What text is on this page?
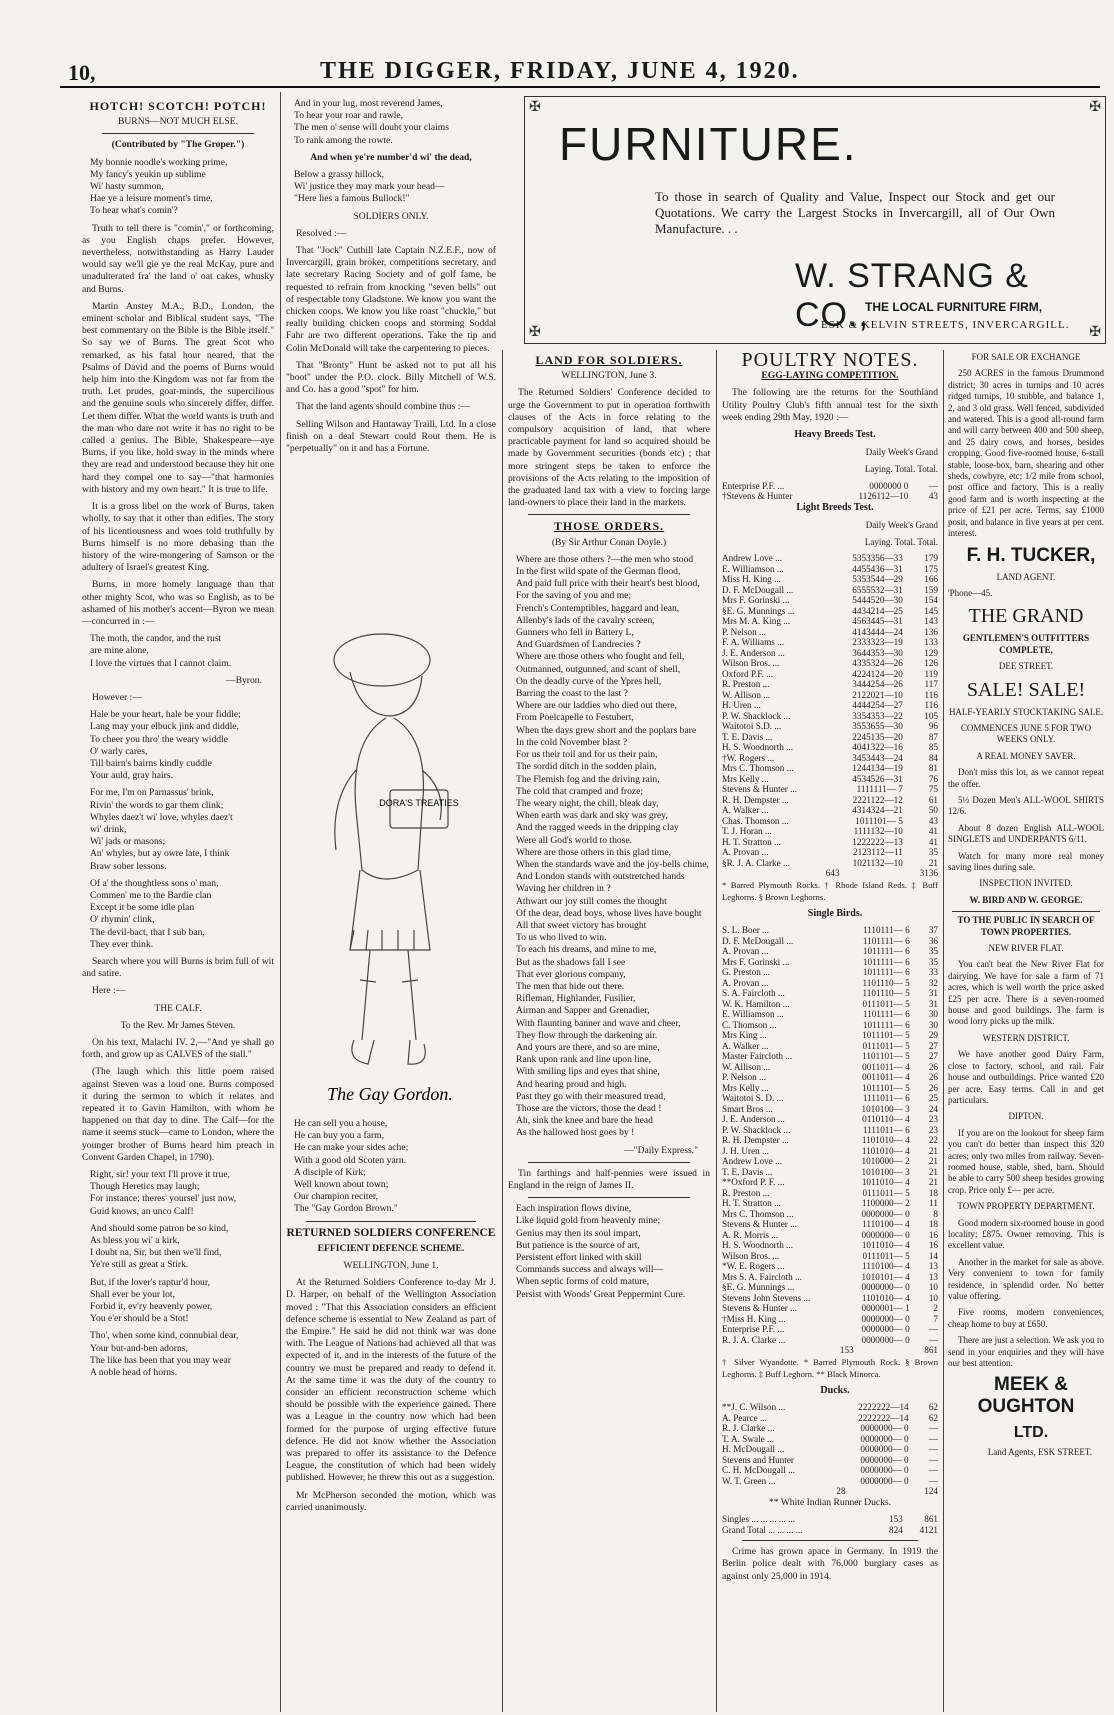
10,	THE DIGGER, FRIDAY, JUNE 4, 1920.
HOTCH! SCOTCH! POTCH!

BURNS—NOT MUCH ELSE.

(Contributed by "The Groper.")

My bonnie noodle's working prime,
My fancy's yeukin up sublime
Wi' hasty summon,
Hae ye a leisure moment's time,
To hear what's comin'?

Truth to tell there is "comin'," or forthcoming, as you English chaps prefer. However, nevertheless, notwithstanding as Harry Lauder would say we'll gie ye the real McKay, pure and unadulterated fra' the land o' oat cakes, whusky and Burns.

Martin Anstey M.A., B.D., London, the eminent scholar and Biblical student says, "The best commentary on the Bible is the Bible itself." So say we of Burns. The great Scot who remarked, as his fatal hour neared, that the Psalms of David and the poems of Burns would help him into the Kingdom was not far from the truth. Let prudes, goat-minds, the supercilious and the genuine souls who sincerely differ, differ. Let them differ. What the world wants is truth and the man who dare not write it has no right to be called a genius. The Bible, Shakespeare—aye Burns, if you like, hold sway in the minds where they are read and understood because they hit one hard they compel one to say—"that harmonies with history and my own heart." It is true to life.

It is a gross libel on the work of Burns, taken wholly, to say that it other than edifies. The story of his licentiousness and woes told truthfully by Burns himself is no more debasing than the history of the wire-mongering of Samson or the adultery of Israel's greatest King.

Burns, in more homely language than that other mighty Scot, who was so English, as to be ashamed of his mother's accent—Byron we mean—concurred in :—

The moth, the candor, and the rust
are mine alone,
I love the virtues that I cannot claim.

—Byron.

However :—

Hale be your heart, hale be your fiddle;
Lang may your elbuck jink and diddle,
To cheer you thro' the weary widdle
O' warly cares,
Till bairn's bairns kindly cuddle
Your auld, gray hairs.

For me, I'm on Parnassus' brink,
Rivin' the words to gar them clink;
Whyles daez't wi' love, whyles daez't
wi' drink,
Wi' jads or masons;
An' whyles, but ay owre late, I think
Braw sober lessons.

Of a' the thoughtless sons o' man,
Commen' me to the Bardie clan
Except it be some idle plan
O' rhymin' clink,
The devil-bact, that I sub ban,
They ever think.

Search where you will Burns is brim full of wit and satire.

Here :—

THE CALF.

To the Rev. Mr James Steven.

On his text, Malachi IV. 2,—"And ye shall go forth, and grow up as CALVES of the stall."

(The laugh which this little poem raised against Steven was a loud one. Burns composed it during the sermon to which it relates and repeated it to Gavin Hamilton, with whom he happened on that day to dine. The Calf—for the name it seems stuck—came to London, where the younger brother of Burns heard him preach in Convent Garden Chapel, in 1790).

Right, sir! your text I'll prove it true,
Though Heretics may laugh;
For instance; theres' yoursel' just now,
Guid knows, an unco Calf!

And should some patron be so kind,
As bless you wi' a kirk,
I doubt na, Sir, but then we'll find,
Ye're still as great a Stirk.

But, if the lover's raptur'd hour,
Shall ever be your lot,
Forbid it, ev'ry heavenly power,
You e'er should be a Stot!

Tho', when some kind, connubial dear,
Your but-and-ben adorns,
The like has been that you may wear
A noble head of horns.

And in your lug, most reverend James,
To hear your roar and rawle,
The men o' sense will doubt your claims
To rank among the rowte.

And when ye're number'd wi' the dead,

Below a grassy hillock,
Wi' justice they may mark your head—
"Here lies a famous Bullock!"

SOLDIERS ONLY.

Resolved :—

That "Jock" Cuthill late Captain N.Z.E.F., now of Invercargill, grain broker, competitions secretary, and late secretary Racing Society and of golf fame, be requested to refrain from knocking "seven bells" out of respectable tony Gladstone. We know you want the chicken coops. We know you like roast "chuckle," but really building chicken coops and storming Soddal Fahr are two different operations. Take the tip and Colin McDonald will take the carpentering to pieces.

That "Bronty" Hunt be asked not to put all his "boot" under the P.O. clock. Billy Mitchell of W.S. and Co. has a good "spot" for him.

That the land agents should combine thus :—

Selling Wilson and Hantaway Traill, Ltd. In a close finish on a deal Stewart could Rout them. He is "perpetually" on it and has a Fortune.

DORA'S TREATIES
The Gay Gordon.

He can sell you a house,
He can buy you a farm,
He can make your sides ache;
With a good old Scoten yarn.
A disciple of Kirk;
Well known about town;
Our champion reciter,
The "Gay Gordon Brown."

RETURNED SOLDIERS CONFERENCE

EFFICIENT DEFENCE SCHEME.

WELLINGTON, June 1.

At the Returned Soldiers Conference to-day Mr J. D. Harper, on behalf of the Wellington Association moved : "That this Association considers an efficient defence scheme is essential to New Zealand as part of the Empire." He said he did not think war was done with. The League of Nations had achieved all that was expected of it, and in the interests of the future of the country we must be prepared and ready to defend it. At the same time it was the duty of the country to consider an efficient reconstruction scheme which should be possible with the experience gained. There was a League in the country now which had been formed for the purpose of urging effective future defence. He did not know whether the Association was prepared to offer its assistance to the Defence League, the constitution of which had been widely published. However, he threw this out as a suggestion.

Mr McPherson seconded the motion, which was carried unanimously.

✠	✠
✠	✠
FURNITURE.
To those in search of Quality and Value, Inspect our Stock and get our Quotations. We carry the Largest Stocks in Invercargill, all of Our Own Manufacture. . .
W. STRANG & CO.,
THE LOCAL FURNITURE FIRM,
ESK & KELVIN STREETS, INVERCARGILL.
LAND FOR SOLDIERS.

WELLINGTON, June 3.

The Returned Soldiers' Conference decided to urge the Government to put in operation forthwith clauses of the Acts in force relating to the compulsory acquisition of land, that where practicable payment for land so acquired should be made by Government securities (bonds etc) ; that more stringent steps be taken to enforce the provisions of the Acts relating to the imposition of the graduated land tax with a view to forcing large land-owners to place their land in the markets.

THOSE ORDERS.

(By Sir Arthur Conan Doyle.)

Where are those others ?—the men who stood
In the first wild spate of the German flood,
And paid full price with their heart's best blood,
For the saving of you and me;
French's Contemptibles, haggard and lean,
Allenby's lads of the cavalry screen,
Gunners who fell in Battery L,
And Guardsmen of Landrecies ?
Where are those others who fought and fell,
Outmanned, outgunned, and scant of shell,
On the deadly curve of the Ypres hell,
Barring the coast to the last ?
Where are our laddies who died out there,
From Poelcapelle to Festubert,
When the days grew short and the poplars bare
In the cold November blast ?
For us their toil and for us their pain,
The sordid ditch in the sodden plain,
The Flemish fog and the driving rain,
The cold that cramped and froze;
The weary night, the chill, bleak day,
When earth was dark and sky was grey,
And the ragged weeds in the dripping clay
Were all God's world to those.
Where are those others in this glad time,
When the standards wave and the joy-bells chime,
And London stands with outstretched hands
Waving her children in ?
Athwart our joy still comes the thought
Of the dear, dead boys, whose lives have bought
All that sweet victory has brought
To us who lived to win.
To each his dreams, and mine to me,
But as the shadows fall I see
That ever glorious company,
The men that hide out there.
Rifleman, Highlander, Fusilier,
Airman and Sapper and Grenadier,
With flaunting banner and wave and cheer,
They flow through the darkening air.
And yours are there, and so are mine,
Rank upon rank and line upon line,
With smiling lips and eyes that shine,
And hearing proud and high.
Past they go with their measured tread,
Those are the victors, those the dead !
Ah, sink the knee and bare the head
As the hallowed host goes by !

—"Daily Express."

Tin farthings and half-pennies were issued in England in the reign of James II.

Each inspiration flows divine,
Like liquid gold from heavenly mine;
Genius may then its soul impart,
But patience is the source of art,
Persistent effort linked with skill
Commands success and always will—
When septic forms of cold mature,
Persist with Woods' Great Peppermint Cure.

POULTRY NOTES.

EGG-LAYING COMPETITION.

The following are the returns for the Southland Utility Poultry Club's fifth annual test for the sixth week ending 29th May, 1920 :—

Heavy Breeds Test.

Daily Week's Grand

Laying. Total. Total.

Enterprise P.F. ...	0000000 0	—
†Stevens & Hunter	1126112—10	43

Light Breeds Test.

Daily Week's Grand

Laying. Total. Total.

Andrew Love ...	5353356—33	179
E. Williamson ...	4455436—31	175
Miss H. King ...	5353544—29	166
D. F. McDougall ...	6555532—31	159
Mrs F. Gorinski ...	5444520—30	154
§E. G. Munnings ...	4434214—25	145
Mrs M. A. King ...	4563445—31	143
P. Nelson ...	4143444—24	136
F. A. Williams ...	2333323—19	133
J. E. Anderson ...	3644353—30	129
Wilson Bros. ...	4335324—26	126
Oxford P.F. ...	4224124—20	119
R. Preston ...	3444254—26	117
W. Allison ...	2122021—10	116
H. Uren ...	4444254—27	116
P. W. Shacklock ...	3354353—22	105
Waitotoi S.D. ...	3553655—30	96
T. E. Davis ...	2245135—20	87
H. S. Woodnorth ...	4041322—16	85
†W. Rogers ...	3453443—24	84
Mrs C. Thomson ...	1244134—19	81
Mrs Kelly ...	4534526—31	76
Stevens & Hunter ...	1111111— 7	75
R. H. Dempster ...	2221122—12	61
A. Walker ...	4314324—21	50
Chas. Thomson ...	1011101— 5	43
T. J. Horan ...	1111132—10	41
H. T. Stratton ...	1222222—13	41
A. Provan ...	2123112—11	35
§R. J. A. Clarke ...	1021132—10	21
	643	3136

* Barred Plymouth Rocks. † Rhode Island Reds. ‡ Buff Leghorns. § Brown Leghorns.

Single Birds.

S. L. Boer ...	1110111— 6	37
D. F. McDougall ...	1101111— 6	36
A. Provan ...	1011111— 6	35
Mrs F. Gorinski ...	1011111— 6	35
G. Preston ...	1011111— 6	33
A. Provan ...	1101110— 5	32
S. A. Faircloth ...	1101110— 5	31
W. K. Hamilton ...	0111011— 5	31
E. Williamson ...	1101111— 6	30
C. Thomson ...	1011111— 6	30
Mrs King ...	1011101— 5	29
A. Walker ...	0111011— 5	27
Master Faircloth ...	1101101— 5	27
W. Allison ...	0011011— 4	26
P. Nelson ...	0011011— 4	26
Mrs Kelly ...	1011101— 5	26
Waitotoi S. D. ...	1111011— 6	25
Smart Bros ...	1010100— 3	24
J. E. Anderson ...	0110110— 4	23
P. W. Shacklock ...	1111011— 6	23
R. H. Dempster ...	1101010— 4	22
J. H. Uren ...	1101010— 4	21
Andrew Love ...	1010000— 2	21
T. E. Davis ...	1010100— 3	21
**Oxford P. F. ...	1011010— 4	21
R. Preston ...	0111011— 5	18
H. T. Stratton ...	1100000— 2	11
Mrs C. Thomson ...	0000000— 0	8
Stevens & Hunter ...	1110100— 4	18
A. R. Morris ...	0000000— 0	16
H. S. Woodnorth ...	1011010— 4	16
Wilson Bros. ...	0111011— 5	14
*W. E. Rogers ...	1110100— 4	13
Mrs S. A. Faircloth ...	1010101— 4	13
§E. G. Munnings ...	0000000— 0	10
Stevens John Stevens ...	1101010— 4	10
Stevens & Hunter ...	0000001— 1	2
†Miss H. King ...	0000000— 0	7
Enterprise P.F. ...	0000000— 0	—
R. J. A. Clarke ...	0000000— 0	—
	153	861

† Silver Wyandotte. * Barred Plymouth Rock. § Brown Leghorns. ‡ Buff Leghorn. ** Black Minorca.

Ducks.

**J. C. Wilson ...	2222222—14	62
A. Pearce ...	2222222—14	62
R. J. Clarke ...	0000000— 0	—
T. A. Swale ...	0000000— 0	—
H. McDougall ...	0000000— 0	—
Stevens and Hunter	0000000— 0	—
C. H. McDougall ...	0000000— 0	—
W. T. Green ...	0000000— 0	—
	28	124

** White Indian Runner Ducks.

Singles ... ... ... ... ...	153	861
Grand Total ... ... ... ...	824	4121

Crime has grown apace in Germany. In 1919 the Berlin police dealt with 76,000 burglary cases as against only 25,000 in 1914.

FOR SALE OR EXCHANGE

250 ACRES in the famous Drummond district; 30 acres in turnips and 10 acres ridged turnips, 10 stubble, and balance 1, 2, and 3 old grass. Well fenced, subdivided and watered. This is a good all-round farm and will carry between 400 and 500 sheep, and 25 dairy cows, and horses, besides cropping. Good five-roomed house, 6-stall stable, loose-box, barn, shearing and other sheds, cowbyre, etc; 1/2 mile from school, post office and factory. This is a really good farm and is worth inspecting at the price of £21 per acre. Terms, say £1000 posit, and balance in five years at per cent. interest.

F. H. TUCKER,

LAND AGENT.

'Phone—45.

THE GRAND

GENTLEMEN'S OUTFITTERS COMPLETE,

DEE STREET.

SALE! SALE!

HALF-YEARLY STOCKTAKING SALE.

COMMENCES JUNE 5 FOR TWO WEEKS ONLY.

A REAL MONEY SAVER.

Don't miss this lot, as we cannot repeat the offer.

5½ Dozen Men's ALL-WOOL SHIRTS 12/6.

About 8 dozen English ALL-WOOL SINGLETS and UNDERPANTS 6/11.

Watch for many more real money saving lines during sale.

INSPECTION INVITED.

W. BIRD AND W. GEORGE.

TO THE PUBLIC IN SEARCH OF TOWN PROPERTIES.

NEW RIVER FLAT.

You can't beat the New River Flat for dairying. We have for sale a farm of 71 acres, which is well worth the price asked £25 per acre. There is a seven-roomed house and good buildings. The farm is wood lorry picks up the milk.

WESTERN DISTRICT.

We have another good Dairy Farm, close to factory, school, and rail. Fair house and outbuildings. Price wanted £20 per acre. Easy terms. Call in and get particulars.

DIPTON.

If you are on the lookout for sheep farm you can't do better than inspect this 320 acres; only two miles from railway. Seven-roomed house, stable, shed, barn. Should be able to carry 500 sheep besides growing crop. Price only £— per acre.

TOWN PROPERTY DEPARTMENT.

Good modern six-roomed house in good locality; £875. Owner removing. This is excellent value.

Another in the market for sale as above. Very convenient to town for family residence, in splendid order. No better value offering.

Five rooms, modern conveniences, cheap home to buy at £650.

There are just a selection. We ask you to send in your enquiries and they will have our best attention.

MEEK & OUGHTON

LTD.

Land Agents, ESK STREET.
